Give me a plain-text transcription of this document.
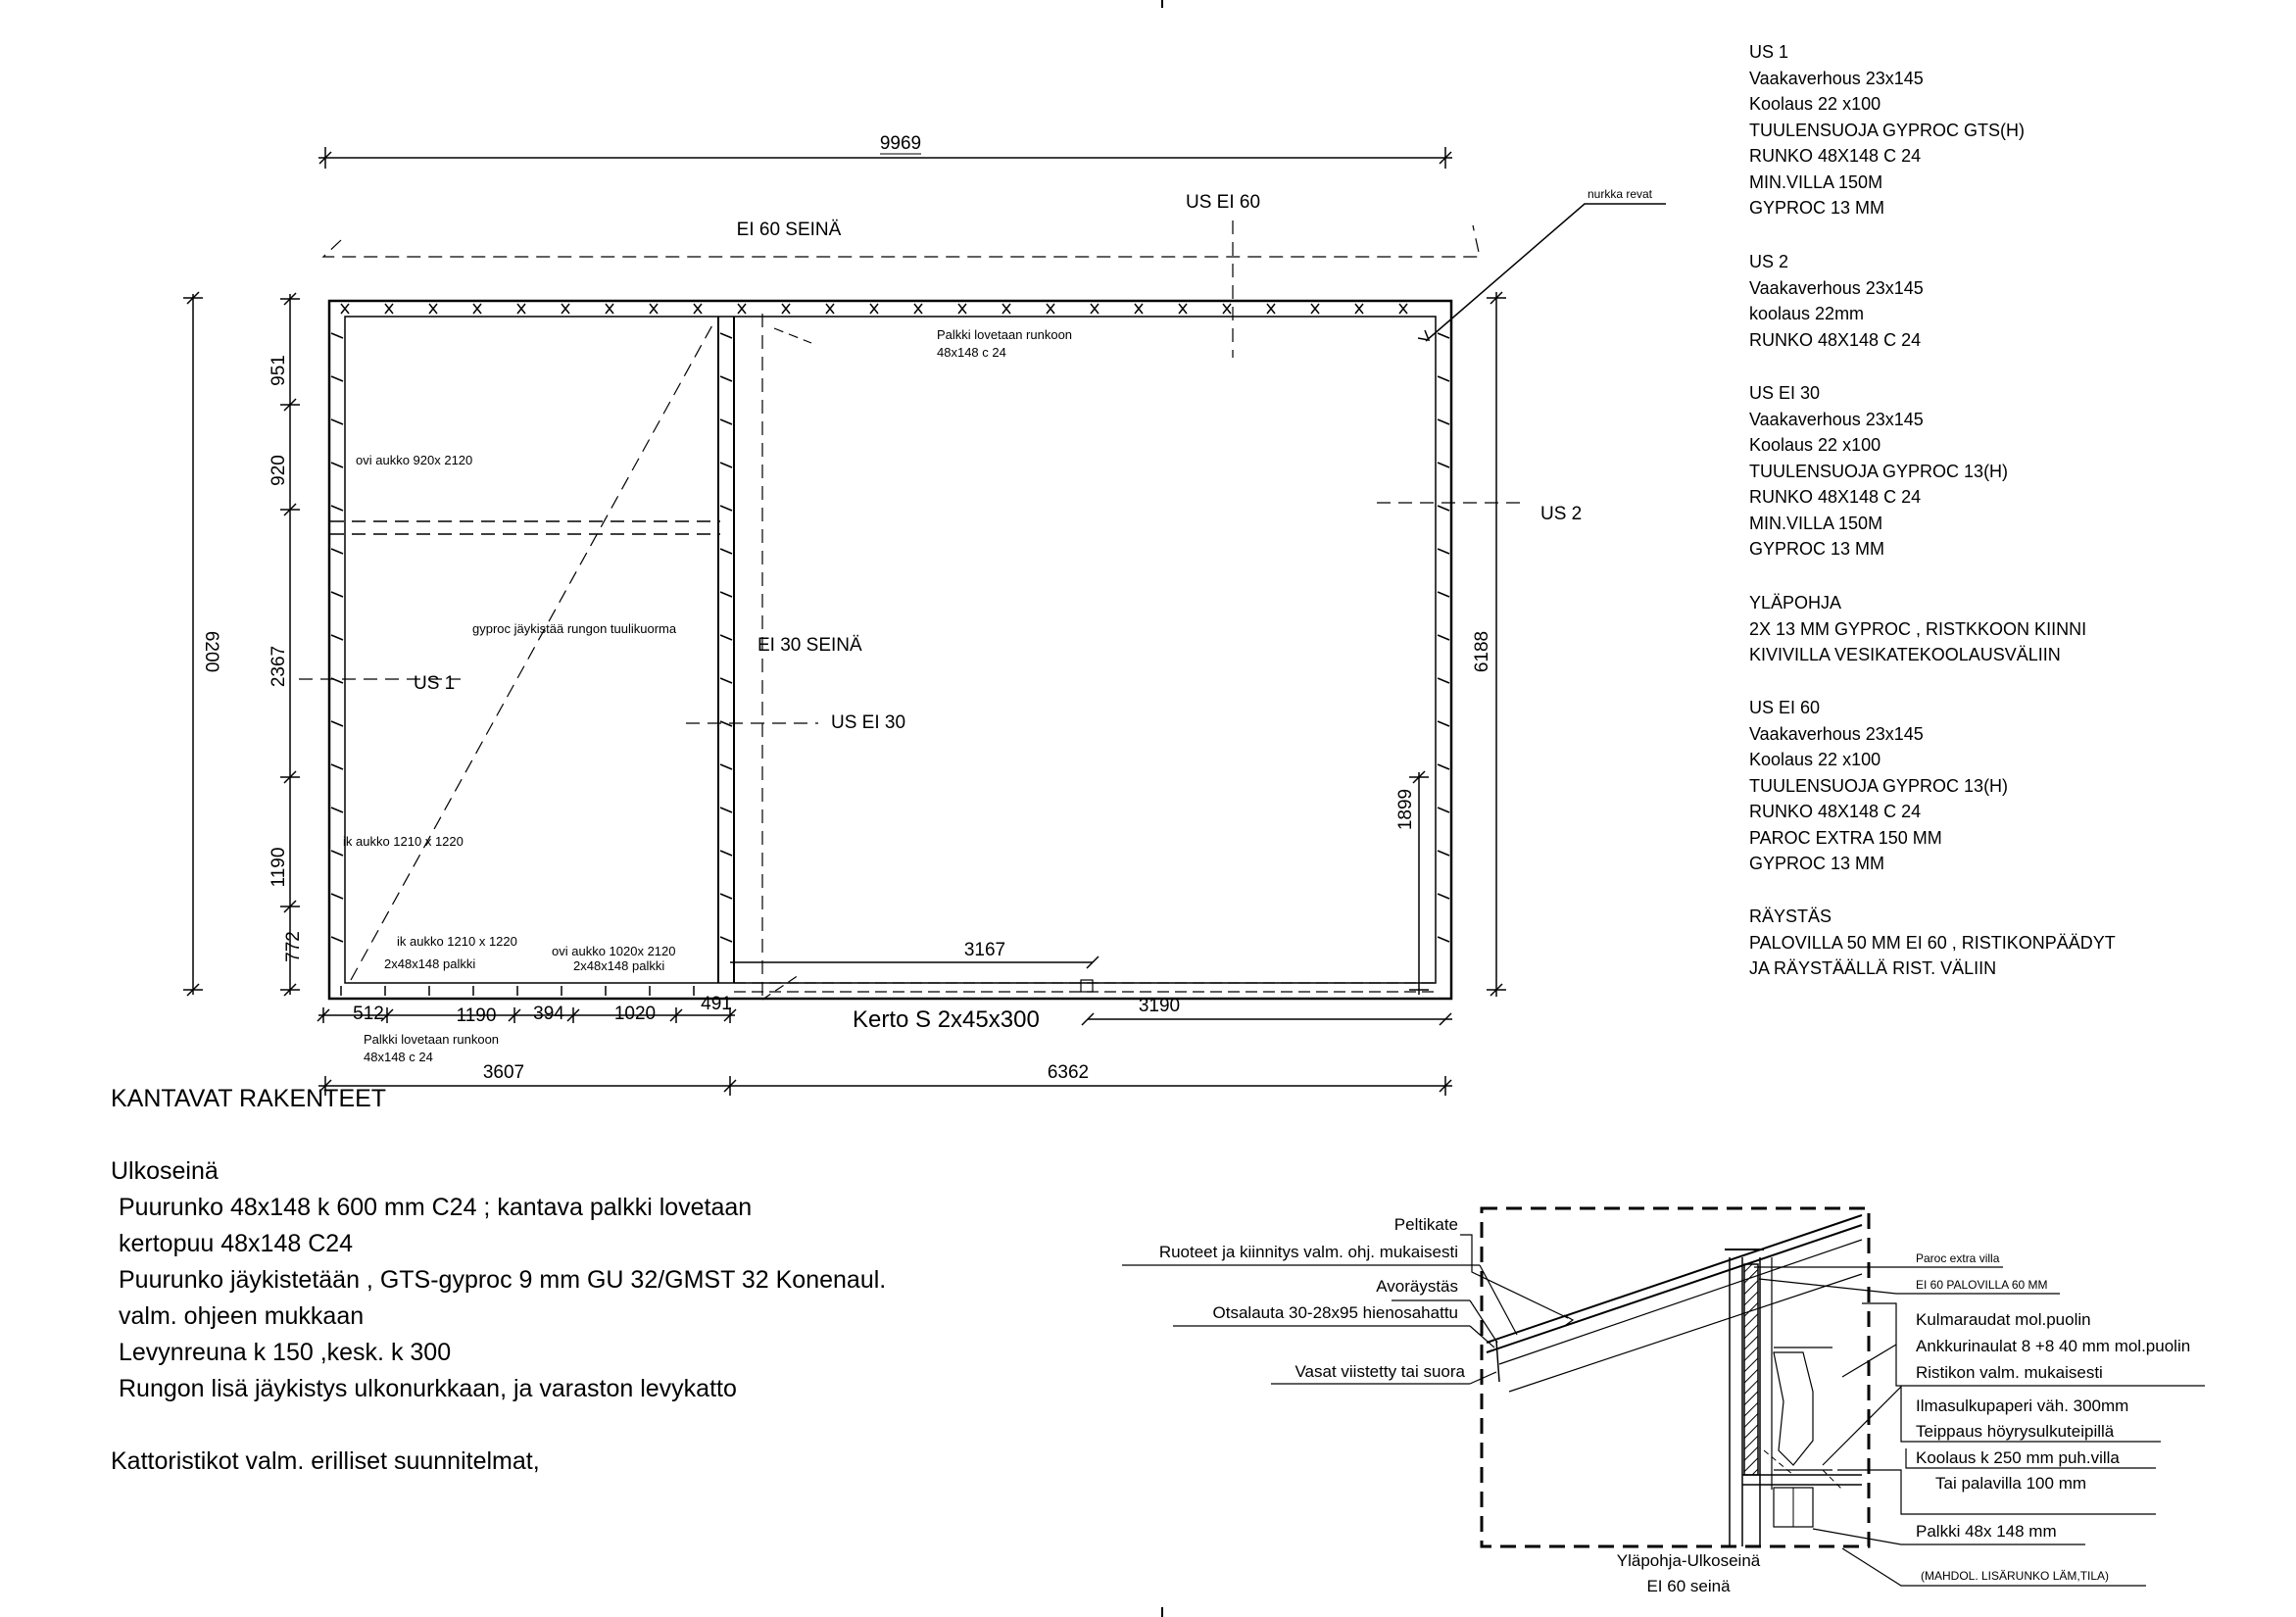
9969
6200	6188
951
920
2367
1190
772
1899
512	1190 394	1020 491
3607	6362
3167
3190
EI 60 SEINÄ
US EI 60	nurkka revat
Palkki lovetaan runkoon
48x148 c 24
ovi aukko 920x 2120
gyproc jäykistää rungon tuulikuorma
EI 30 SEINÄ
US 1
US EI 30
US 2
ik aukko 1210 x 1220
ik aukko 1210 x 1220
2x48x148 palkki
ovi aukko 1020x 2120
2x48x148 palkki
Kerto S 2x45x300
Palkki lovetaan runkoon
48x148 c 24
Peltikate
Ruoteet ja kiinnitys valm. ohj. mukaisesti
Avoräystäs
Otsalauta 30-28x95 hienosahattu
Vasat viistetty tai suora
Paroc extra villa
EI 60 PALOVILLA 60 MM
Kulmaraudat mol.puolin
Ankkurinaulat 8 +8 40 mm mol.puolin
Ristikon valm. mukaisesti
Ilmasulkupaperi väh. 300mm
Teippaus höyrysulkuteipillä
Koolaus k 250 mm puh.villa
Tai palavilla 100 mm
Palkki 48x 148 mm
(MAHDOL. LISÄRUNKO LÄM,TILA)
Yläpohja-Ulkoseinä
EI 60 seinä
US 1
Vaakaverhous 23x145
Koolaus 22 x100
TUULENSUOJA GYPROC GTS(H)
RUNKO 48X148 C 24
MIN.VILLA 150M
GYPROC 13 MM
US 2
Vaakaverhous 23x145
koolaus 22mm
RUNKO 48X148 C 24
US EI 30
Vaakaverhous 23x145
Koolaus 22 x100
TUULENSUOJA GYPROC 13(H)
RUNKO 48X148 C 24
MIN.VILLA 150M
GYPROC 13 MM
YLÄPOHJA
2X 13 MM GYPROC , RISTKKOON KIINNI
KIVIVILLA VESIKATEKOOLAUSVÄLIIN
US EI 60
Vaakaverhous 23x145
Koolaus 22 x100
TUULENSUOJA GYPROC 13(H)
RUNKO 48X148 C 24
PAROC EXTRA 150 MM
GYPROC 13 MM
RÄYSTÄS
PALOVILLA 50 MM EI 60 , RISTIKONPÄÄDYT
JA RÄYSTÄÄLLÄ RIST. VÄLIIN
KANTAVAT RAKENTEET
Ulkoseinä
Puurunko 48x148 k 600 mm C24 ; kantava palkki lovetaan
kertopuu 48x148 C24
Puurunko jäykistetään , GTS-gyproc 9 mm GU 32/GMST 32 Konenaul.
valm. ohjeen mukkaan
Levynreuna k 150 ,kesk. k 300
Rungon lisä jäykistys ulkonurkkaan, ja varaston levykatto
Kattoristikot valm. erilliset suunnitelmat,
